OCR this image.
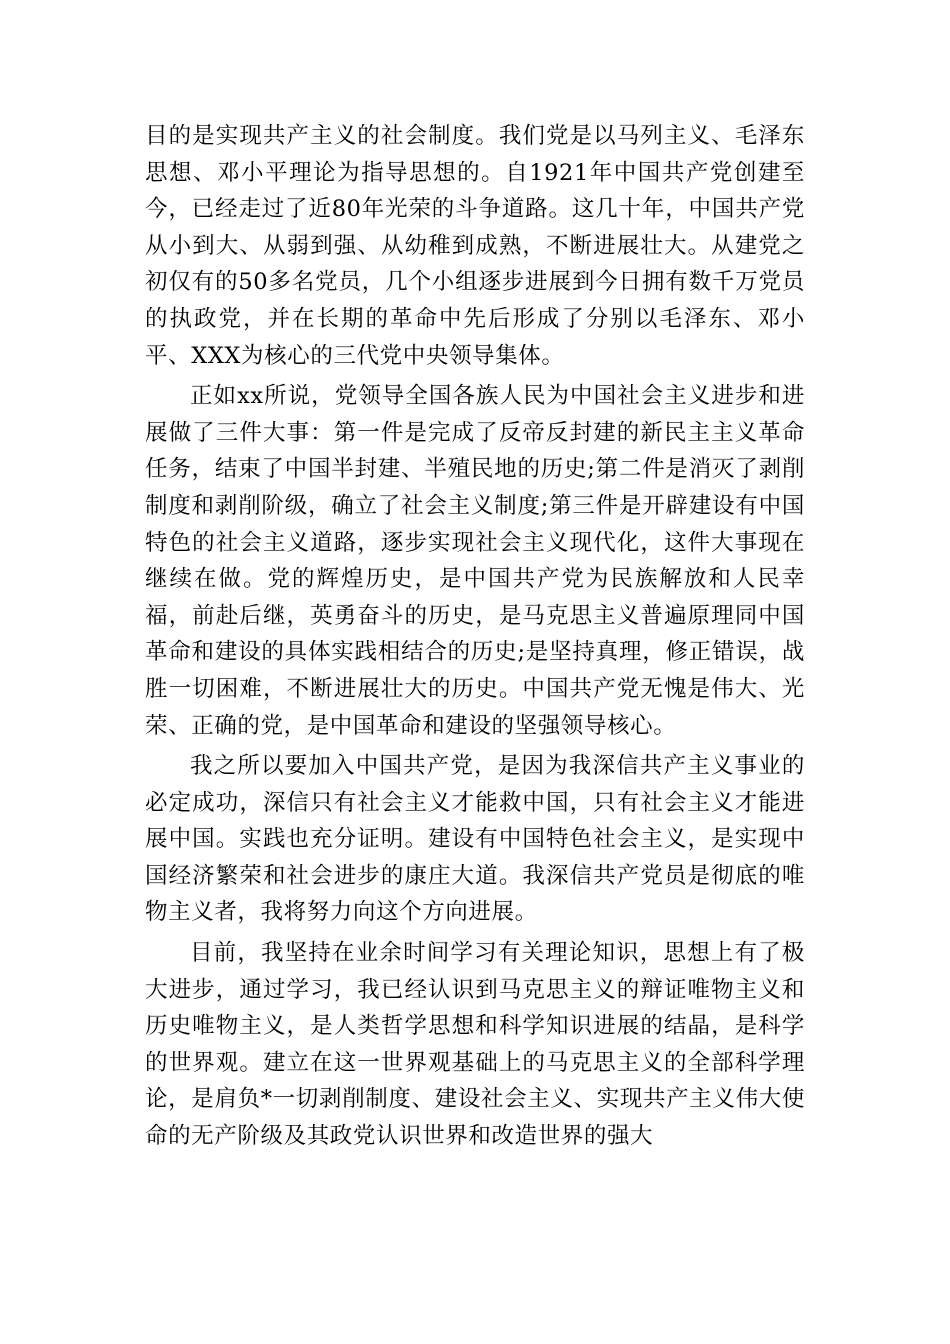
目的是实现共产主义的社会制度。我们党是以马列主义、毛泽东思想、邓小平理论为指导思想的。自1921年中国共产党创建至今，已经走过了近80年光荣的斗争道路。这几十年，中国共产党从小到大、从弱到强、从幼稚到成熟，不断进展壮大。从建党之初仅有的50多名党员，几个小组逐步进展到今日拥有数千万党员的执政党，并在长期的革命中先后形成了分别以毛泽东、邓小平、XXX为核心的三代党中央领导集体。

正如xx所说，党领导全国各族人民为中国社会主义进步和进展做了三件大事：第一件是完成了反帝反封建的新民主主义革命任务，结束了中国半封建、半殖民地的历史;第二件是消灭了剥削制度和剥削阶级，确立了社会主义制度;第三件是开辟建设有中国特色的社会主义道路，逐步实现社会主义现代化，这件大事现在继续在做。党的辉煌历史，是中国共产党为民族解放和人民幸福，前赴后继，英勇奋斗的历史，是马克思主义普遍原理同中国革命和建设的具体实践相结合的历史;是坚持真理，修正错误，战胜一切困难，不断进展壮大的历史。中国共产党无愧是伟大、光荣、正确的党，是中国革命和建设的坚强领导核心。

我之所以要加入中国共产党，是因为我深信共产主义事业的必定成功，深信只有社会主义才能救中国，只有社会主义才能进展中国。实践也充分证明。建设有中国特色社会主义，是实现中国经济繁荣和社会进步的康庄大道。我深信共产党员是彻底的唯物主义者，我将努力向这个方向进展。

目前，我坚持在业余时间学习有关理论知识，思想上有了极大进步，通过学习，我已经认识到马克思主义的辩证唯物主义和历史唯物主义，是人类哲学思想和科学知识进展的结晶，是科学的世界观。建立在这一世界观基础上的马克思主义的全部科学理论，是肩负*一切剥削制度、建设社会主义、实现共产主义伟大使命的无产阶级及其政党认识世界和改造世界的强大
